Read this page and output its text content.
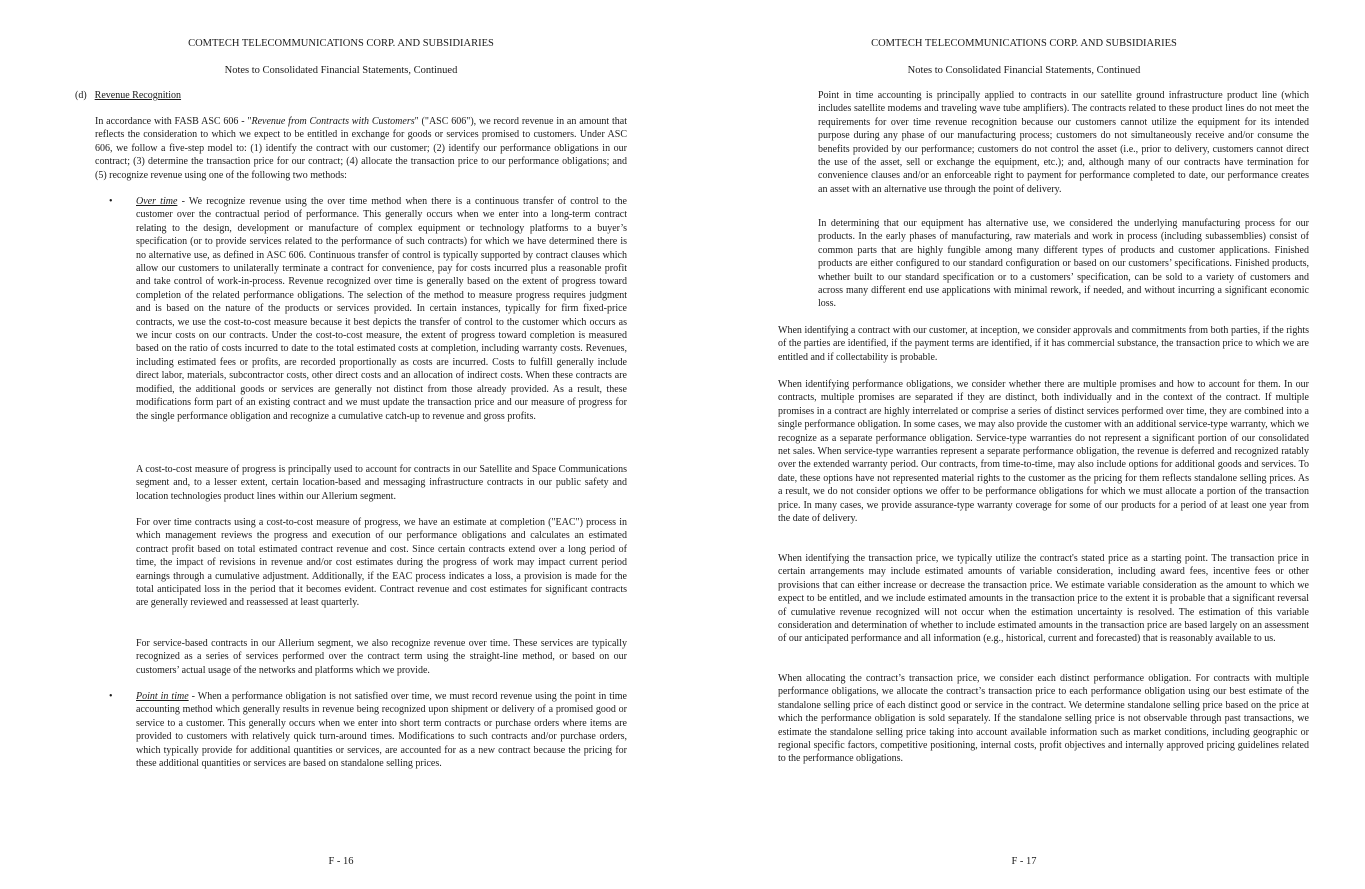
COMTECH TELECOMMUNICATIONS CORP. AND SUBSIDIARIES
Notes to Consolidated Financial Statements, Continued
(d) Revenue Recognition
In accordance with FASB ASC 606 - "Revenue from Contracts with Customers" ("ASC 606"), we record revenue in an amount that reflects the consideration to which we expect to be entitled in exchange for goods or services promised to customers. Under ASC 606, we follow a five-step model to: (1) identify the contract with our customer; (2) identify our performance obligations in our contract; (3) determine the transaction price for our contract; (4) allocate the transaction price to our performance obligations; and (5) recognize revenue using one of the following two methods:
• Over time - We recognize revenue using the over time method when there is a continuous transfer of control to the customer over the contractual period of performance. This generally occurs when we enter into a long-term contract relating to the design, development or manufacture of complex equipment or technology platforms to a buyer’s specification (or to provide services related to the performance of such contracts) for which we have determined there is no alternative use, as defined in ASC 606. Continuous transfer of control is typically supported by contract clauses which allow our customers to unilaterally terminate a contract for convenience, pay for costs incurred plus a reasonable profit and take control of work-in-process. Revenue recognized over time is generally based on the extent of progress toward completion of the related performance obligations. The selection of the method to measure progress requires judgment and is based on the nature of the products or services provided. In certain instances, typically for firm fixed-price contracts, we use the cost-to-cost measure because it best depicts the transfer of control to the customer which occurs as we incur costs on our contracts. Under the cost-to-cost measure, the extent of progress toward completion is measured based on the ratio of costs incurred to date to the total estimated costs at completion, including warranty costs. Revenues, including estimated fees or profits, are recorded proportionally as costs are incurred. Costs to fulfill generally include direct labor, materials, subcontractor costs, other direct costs and an allocation of indirect costs. When these contracts are modified, the additional goods or services are generally not distinct from those already provided. As a result, these modifications form part of an existing contract and we must update the transaction price and our measure of progress for the single performance obligation and recognize a cumulative catch-up to revenue and gross profits.
A cost-to-cost measure of progress is principally used to account for contracts in our Satellite and Space Communications segment and, to a lesser extent, certain location-based and messaging infrastructure contracts in our public safety and location technologies product lines within our Allerium segment.
For over time contracts using a cost-to-cost measure of progress, we have an estimate at completion ("EAC") process in which management reviews the progress and execution of our performance obligations and calculates an estimated contract profit based on total estimated contract revenue and cost. Since certain contracts extend over a long period of time, the impact of revisions in revenue and/or cost estimates during the progress of work may impact current period earnings through a cumulative adjustment. Additionally, if the EAC process indicates a loss, a provision is made for the total anticipated loss in the period that it becomes evident. Contract revenue and cost estimates for significant contracts are generally reviewed and reassessed at least quarterly.
For service-based contracts in our Allerium segment, we also recognize revenue over time. These services are typically recognized as a series of services performed over the contract term using the straight-line method, or based on our customers’ actual usage of the networks and platforms which we provide.
• Point in time - When a performance obligation is not satisfied over time, we must record revenue using the point in time accounting method which generally results in revenue being recognized upon shipment or delivery of a promised good or service to a customer. This generally occurs when we enter into short term contracts or purchase orders where items are provided to customers with relatively quick turn-around times. Modifications to such contracts and/or purchase orders, which typically provide for additional quantities or services, are accounted for as a new contract because the pricing for these additional quantities or services are based on standalone selling prices.
F - 16
COMTECH TELECOMMUNICATIONS CORP. AND SUBSIDIARIES
Notes to Consolidated Financial Statements, Continued
Point in time accounting is principally applied to contracts in our satellite ground infrastructure product line (which includes satellite modems and traveling wave tube amplifiers). The contracts related to these product lines do not meet the requirements for over time revenue recognition because our customers cannot utilize the equipment for its intended purpose during any phase of our manufacturing process; customers do not simultaneously receive and/or consume the benefits provided by our performance; customers do not control the asset (i.e., prior to delivery, customers cannot direct the use of the asset, sell or exchange the equipment, etc.); and, although many of our contracts have termination for convenience clauses and/or an enforceable right to payment for performance completed to date, our performance creates an asset with an alternative use through the point of delivery.
In determining that our equipment has alternative use, we considered the underlying manufacturing process for our products. In the early phases of manufacturing, raw materials and work in process (including subassemblies) consist of common parts that are highly fungible among many different types of products and customer applications. Finished products are either configured to our standard configuration or based on our customers’ specifications. Finished products, whether built to our standard specification or to a customers’ specification, can be sold to a variety of customers and across many different end use applications with minimal rework, if needed, and without incurring a significant economic loss.
When identifying a contract with our customer, at inception, we consider approvals and commitments from both parties, if the rights of the parties are identified, if the payment terms are identified, if it has commercial substance, the transaction price to which we are entitled and if collectability is probable.
When identifying performance obligations, we consider whether there are multiple promises and how to account for them. In our contracts, multiple promises are separated if they are distinct, both individually and in the context of the contract. If multiple promises in a contract are highly interrelated or comprise a series of distinct services performed over time, they are combined into a single performance obligation. In some cases, we may also provide the customer with an additional service-type warranty, which we recognize as a separate performance obligation. Service-type warranties do not represent a significant portion of our consolidated net sales. When service-type warranties represent a separate performance obligation, the revenue is deferred and recognized ratably over the extended warranty period. Our contracts, from time-to-time, may also include options for additional goods and services. To date, these options have not represented material rights to the customer as the pricing for them reflects standalone selling prices. As a result, we do not consider options we offer to be performance obligations for which we must allocate a portion of the transaction price. In many cases, we provide assurance-type warranty coverage for some of our products for a period of at least one year from the date of delivery.
When identifying the transaction price, we typically utilize the contract's stated price as a starting point. The transaction price in certain arrangements may include estimated amounts of variable consideration, including award fees, incentive fees or other provisions that can either increase or decrease the transaction price. We estimate variable consideration as the amount to which we expect to be entitled, and we include estimated amounts in the transaction price to the extent it is probable that a significant reversal of cumulative revenue recognized will not occur when the estimation uncertainty is resolved. The estimation of this variable consideration and determination of whether to include estimated amounts in the transaction price are based largely on an assessment of our anticipated performance and all information (e.g., historical, current and forecasted) that is reasonably available to us.
When allocating the contract’s transaction price, we consider each distinct performance obligation. For contracts with multiple performance obligations, we allocate the contract’s transaction price to each performance obligation using our best estimate of the standalone selling price of each distinct good or service in the contract. We determine standalone selling price based on the price at which the performance obligation is sold separately. If the standalone selling price is not observable through past transactions, we estimate the standalone selling price taking into account available information such as market conditions, including geographic or regional specific factors, competitive positioning, internal costs, profit objectives and internally approved pricing guidelines related to the performance obligations.
F - 17
